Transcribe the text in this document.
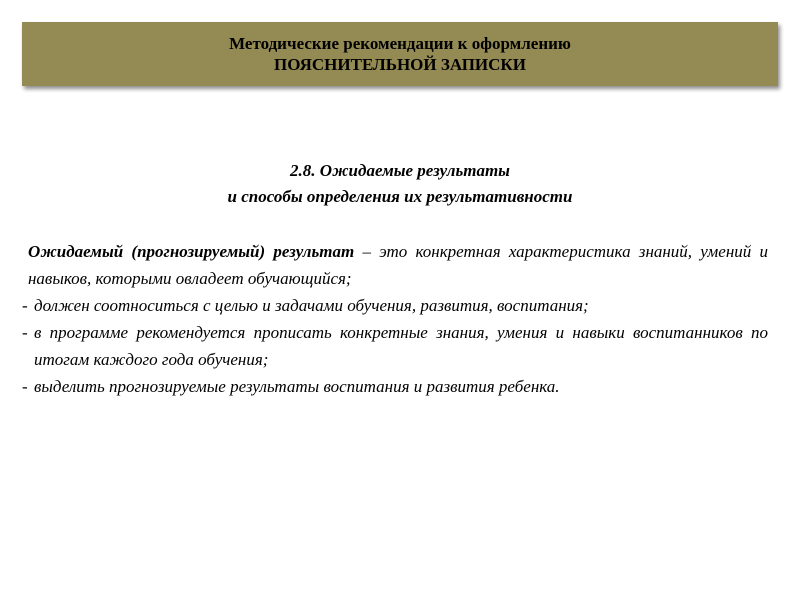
Методические рекомендации к оформлению
ПОЯСНИТЕЛЬНОЙ ЗАПИСКИ
2.8. Ожидаемые результаты
и способы определения их результативности

Ожидаемый (прогнозируемый) результат – это конкретная характеристика знаний, умений и навыков, которыми овладеет обучающийся;

- должен соотноситься с целью и задачами обучения, развития, воспитания;

- в программе рекомендуется прописать конкретные знания, умения и навыки воспитанников по итогам каждого года обучения;

- выделить прогнозируемые результаты воспитания и развития ребенка.
